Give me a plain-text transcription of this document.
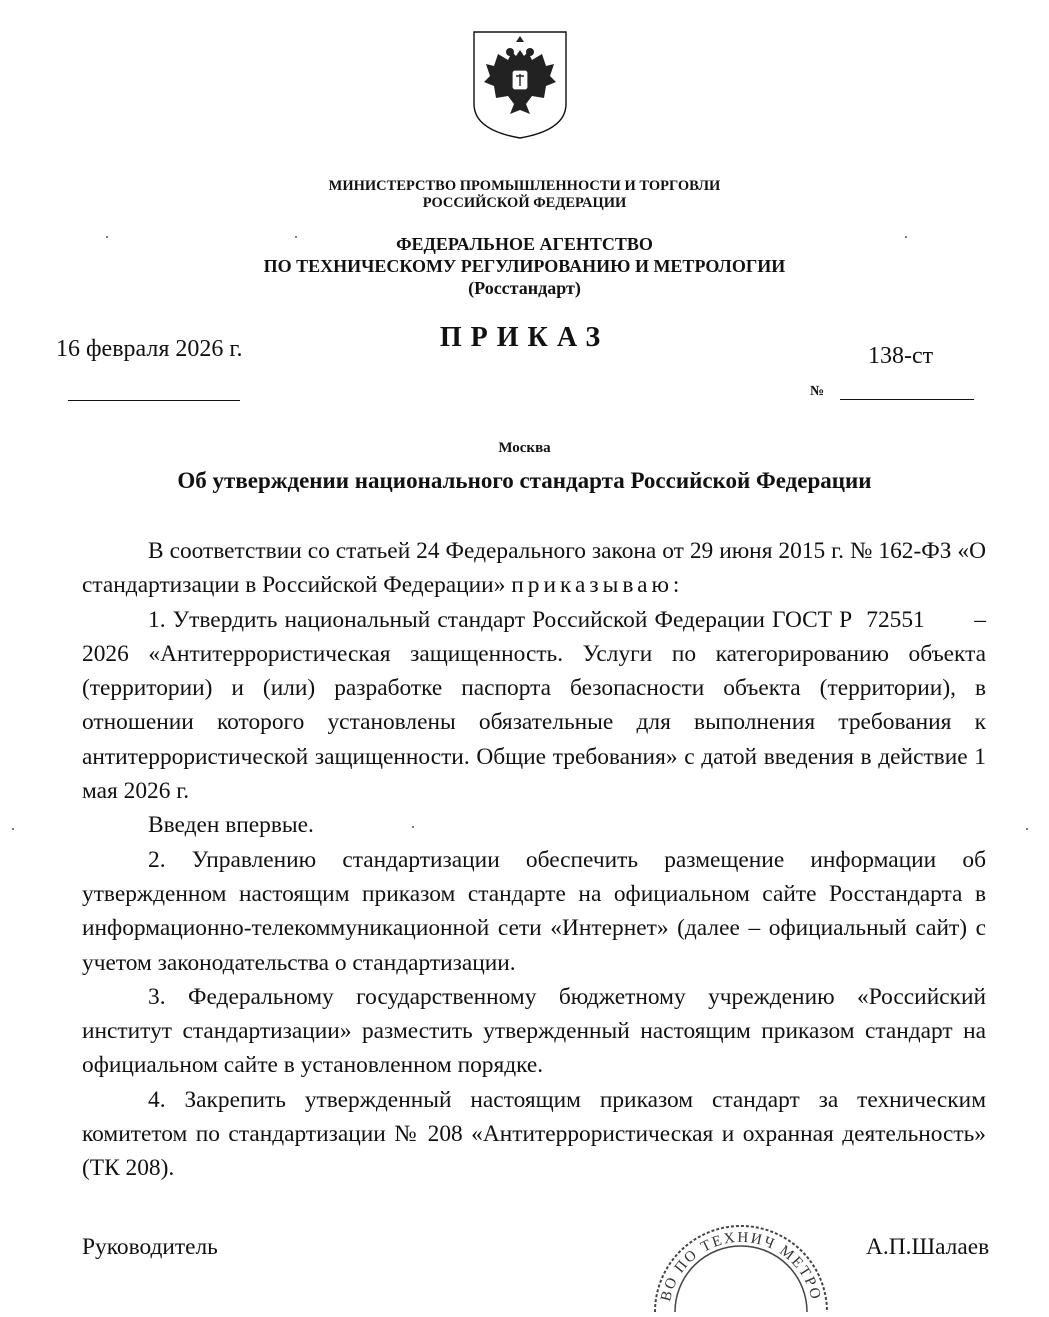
МИНИСТЕРСТВО ПРОМЫШЛЕННОСТИ И ТОРГОВЛИ
РОССИЙСКОЙ ФЕДЕРАЦИИ
ФЕДЕРАЛЬНОЕ АГЕНТСТВО
ПО ТЕХНИЧЕСКОМУ РЕГУЛИРОВАНИЮ И МЕТРОЛОГИИ
(Росстандарт)
ПРИКАЗ
16 февраля 2026 г.	138-ст
№
Москва
Об утверждении национального стандарта Российской Федерации

В соответствии со статьей 24 Федерального закона от 29 июня 2015 г. № 162-ФЗ «О стандартизации в Российской Федерации» приказываю:

1. Утвердить национальный стандарт Российской Федерации ГОСТ Р 72551 –2026 «Антитеррористическая защищенность. Услуги по категорированию объекта (территории) и (или) разработке паспорта безопасности объекта (территории), в отношении которого установлены обязательные для выполнения требования к антитеррористической защищенности. Общие требования» с датой введения в действие 1 мая 2026 г.

Введен впервые.

2. Управлению стандартизации обеспечить размещение информации об утвержденном настоящим приказом стандарте на официальном сайте Росстандарта в информационно-телекоммуникационной сети «Интернет» (далее – официальный сайт) с учетом законодательства о стандартизации.

3. Федеральному государственному бюджетному учреждению «Российский институт стандартизации» разместить утвержденный настоящим приказом стандарт на официальном сайте в установленном порядке.

4. Закрепить утвержденный настоящим приказом стандарт за техническим комитетом по стандартизации № 208 «Антитеррористическая и охранная деятельность» (ТК 208).

Руководитель
ВО ПО ТЕХНИЧ МЕТРО
А.П.Шалаев
